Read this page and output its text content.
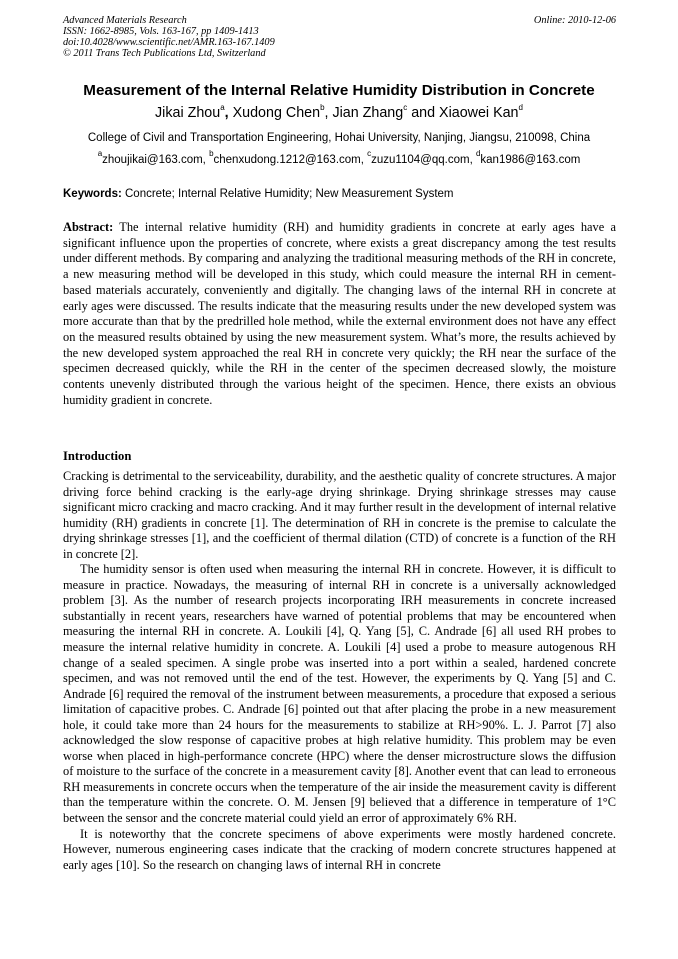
Advanced Materials Research
ISSN: 1662-8985, Vols. 163-167, pp 1409-1413
doi:10.4028/www.scientific.net/AMR.163-167.1409
© 2011 Trans Tech Publications Ltd, Switzerland
Online: 2010-12-06
Measurement of the Internal Relative Humidity Distribution in Concrete
Jikai Zhou$^a$, Xudong Chen$^b$, Jian Zhang$^c$ and Xiaowei Kan$^d$
College of Civil and Transportation Engineering, Hohai University, Nanjing, Jiangsu, 210098, China
$^a$zhoujikai@163.com, $^b$chenxudong.1212@163.com, $^c$zuzu1104@qq.com, $^d$kan1986@163.com
Keywords: Concrete; Internal Relative Humidity; New Measurement System
Abstract: The internal relative humidity (RH) and humidity gradients in concrete at early ages have a significant influence upon the properties of concrete, where exists a great discrepancy among the test results under different methods. By comparing and analyzing the traditional measuring methods of the RH in concrete, a new measuring method will be developed in this study, which could measure the internal RH in cement-based materials accurately, conveniently and digitally. The changing laws of the internal RH in concrete at early ages were discussed. The results indicate that the measuring results under the new developed system was more accurate than that by the predrilled hole method, while the external environment does not have any effect on the measured results obtained by using the new measurement system. What’s more, the results achieved by the new developed system approached the real RH in concrete very quickly; the RH near the surface of the specimen decreased quickly, while the RH in the center of the specimen decreased slowly, the moisture contents unevenly distributed through the various height of the specimen. Hence, there exists an obvious humidity gradient in concrete.
Introduction

Cracking is detrimental to the serviceability, durability, and the aesthetic quality of concrete structures. A major driving force behind cracking is the early-age drying shrinkage. Drying shrinkage stresses may cause significant micro cracking and macro cracking. And it may further result in the development of internal relative humidity (RH) gradients in concrete [1]. The determination of RH in concrete is the premise to calculate the drying shrinkage stresses [1], and the coefficient of thermal dilation (CTD) of concrete is a function of the RH in concrete [2].

The humidity sensor is often used when measuring the internal RH in concrete. However, it is difficult to measure in practice. Nowadays, the measuring of internal RH in concrete is a universally acknowledged problem [3]. As the number of research projects incorporating IRH measurements in concrete increased substantially in recent years, researchers have warned of potential problems that may be encountered when measuring the internal RH in concrete. A. Loukili [4], Q. Yang [5], C. Andrade [6] all used RH probes to measure the internal relative humidity in concrete. A. Loukili [4] used a probe to measure autogenous RH change of a sealed specimen. A single probe was inserted into a port within a sealed, hardened concrete specimen, and was not removed until the end of the test. However, the experiments by Q. Yang [5] and C. Andrade [6] required the removal of the instrument between measurements, a procedure that exposed a serious limitation of capacitive probes. C. Andrade [6] pointed out that after placing the probe in a new measurement hole, it could take more than 24 hours for the measurements to stabilize at RH>90%. L. J. Parrot [7] also acknowledged the slow response of capacitive probes at high relative humidity. This problem may be even worse when placed in high-performance concrete (HPC) where the denser microstructure slows the diffusion of moisture to the surface of the concrete in a measurement cavity [8]. Another event that can lead to erroneous RH measurements in concrete occurs when the temperature of the air inside the measurement cavity is different than the temperature within the concrete. O. M. Jensen [9] believed that a difference in temperature of 1°C between the sensor and the concrete material could yield an error of approximately 6% RH.

It is noteworthy that the concrete specimens of above experiments were mostly hardened concrete. However, numerous engineering cases indicate that the cracking of modern concrete structures happened at early ages [10]. So the research on changing laws of internal RH in concrete
